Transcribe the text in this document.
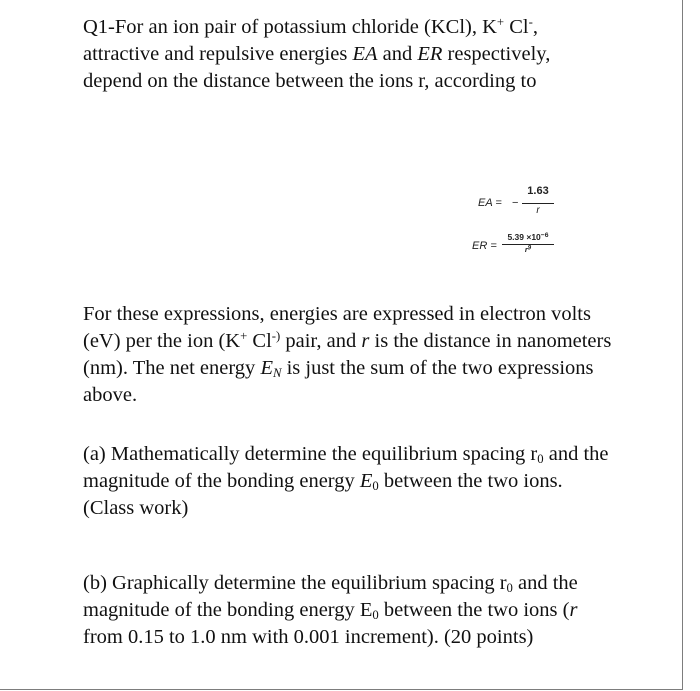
Q1-For an ion pair of potassium chloride (KCl), K+ Cl-,
attractive and repulsive energies EA and ER respectively,
depend on the distance between the ions r, according to
EA = −
1.63
r
ER =
$5.39 \times 10^{-6}$
$r^9$
For these expressions, energies are expressed in electron volts
(eV) per the ion (K+ Cl-) pair, and r is the distance in nanometers
(nm). The net energy $E_N$ is just the sum of the two expressions
above.
(a) Mathematically determine the equilibrium spacing $r_0$ and the
magnitude of the bonding energy $E_0$ between the two ions.
(Class work)
(b) Graphically determine the equilibrium spacing $r_0$ and the
magnitude of the bonding energy $E_0$ between the two ions (r
from 0.15 to 1.0 nm with 0.001 increment). (20 points)
